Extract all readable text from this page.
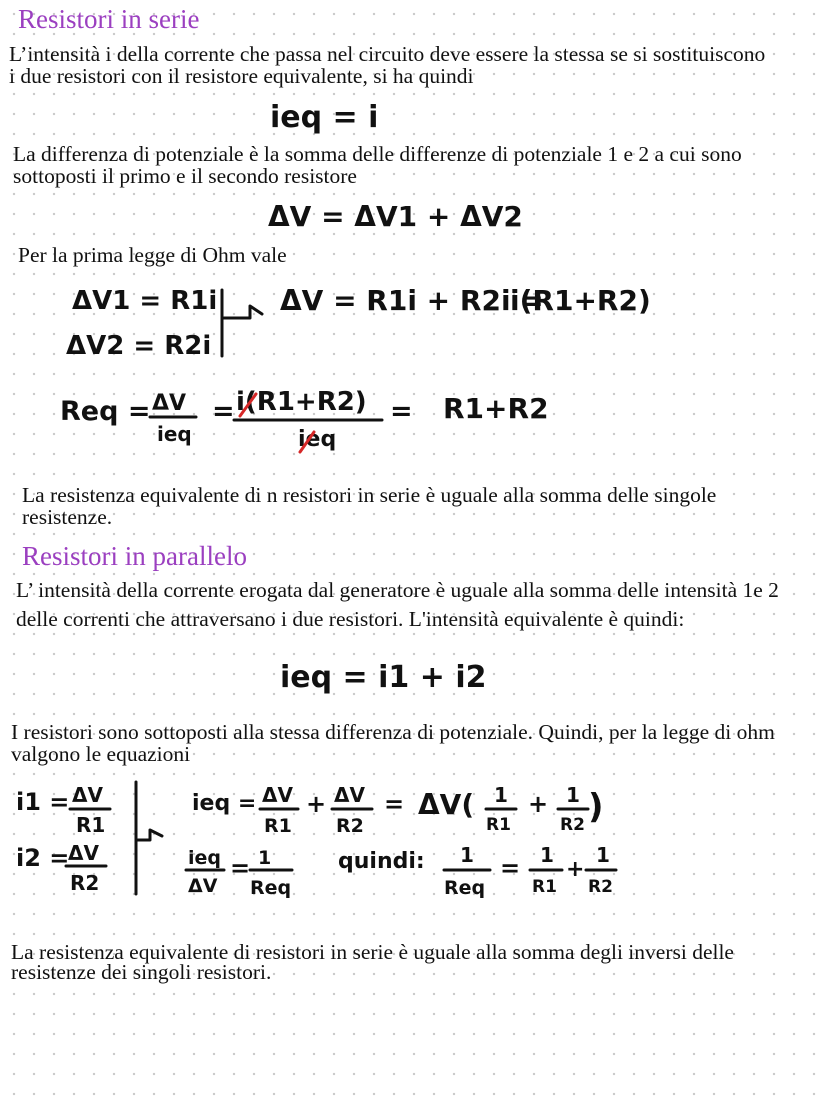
Resistori in serie

L’intensità i della corrente che passa nel circuito deve essere la stessa se si sostituiscono i due resistori con il resistore equivalente, si ha quindi

La differenza di potenziale è la somma delle differenze di potenziale 1 e 2 a cui sono sottoposti il primo e il secondo resistore

Per la prima legge di Ohm vale

La resistenza equivalente di n resistori in serie è uguale alla somma delle singole resistenze.

Resistori in parallelo

L’ intensità della corrente erogata dal generatore è uguale alla somma delle intensità 1e 2 delle correnti che attraversano i due resistori. L'intensità equivalente è quindi:

I resistori sono sottoposti alla stessa differenza di potenziale. Quindi, per la legge di ohm valgono le equazioni

La resistenza equivalente di resistori in serie è uguale alla somma degli inversi delle resistenze dei singoli resistori.

ieq = i
ΔV = ΔV1 + ΔV2
ΔV1 = R1i
ΔV2 = R2i
ΔV = R1i + R2i =
i(R1+R2)
Req = ΔV
ieq
= i(R1+R2)
ieq
= R1+R2
ieq = i1 + i2
i1 = ΔV
R1
i2 =
ΔV
R2
ieq = ΔV
R1
+ ΔV
R2
= ΔV( 1
R1
+ 1
R2 )
ieq
ΔV
= 1
Req
quindi: 1
Req
= 1
R1
+
1
R2
